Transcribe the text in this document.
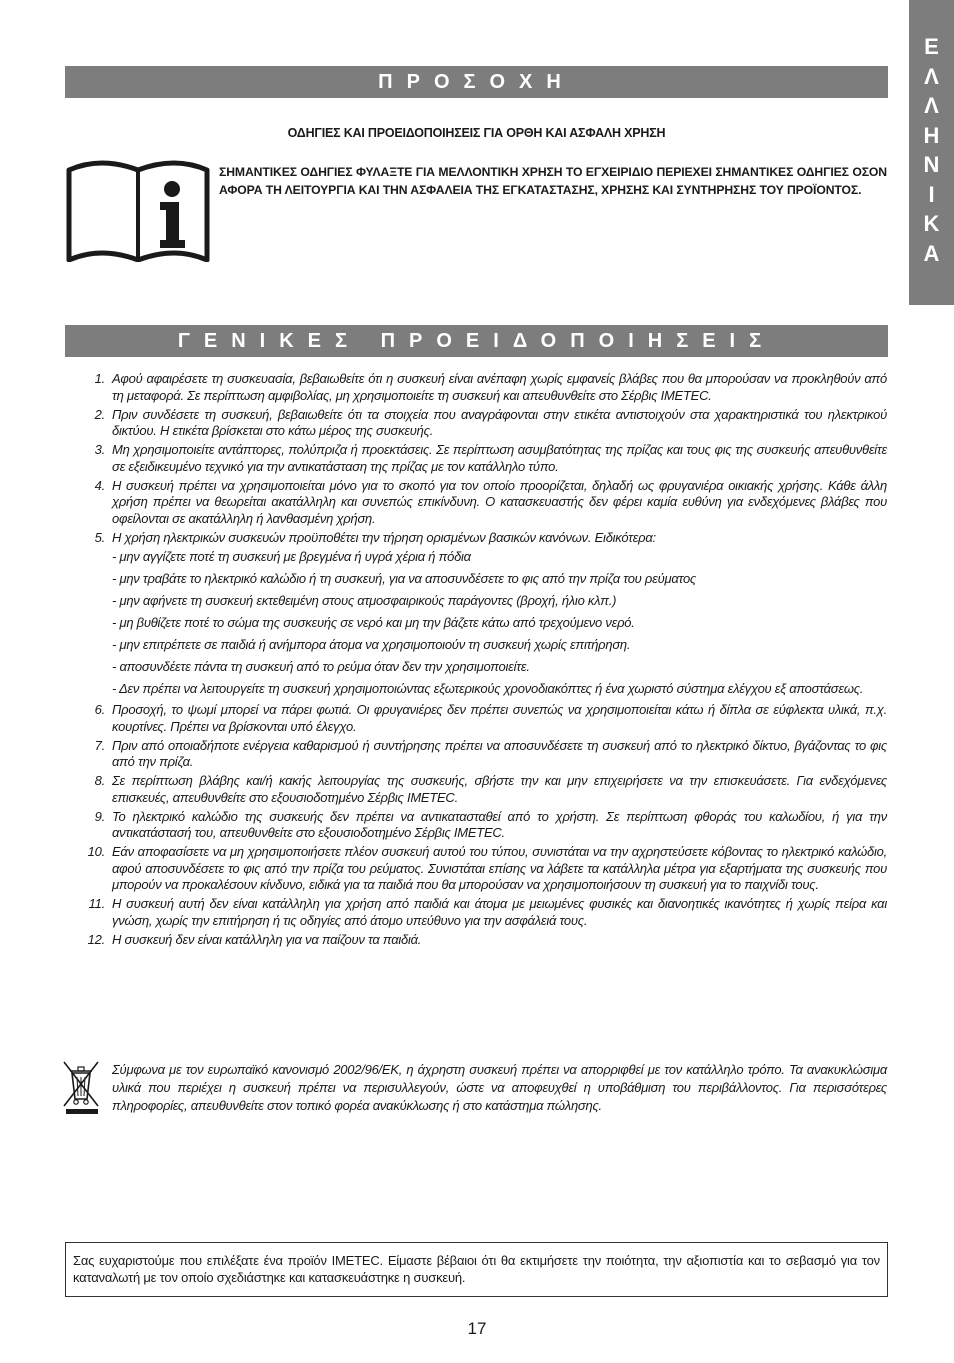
Ε
Λ
Λ
Η
Ν
Ι
Κ
Α
ΠΡΟΣΟΧΗ
ΟΔΗΓΙΕΣ ΚΑΙ ΠΡΟΕΙΔΟΠΟΙΗΣΕΙΣ ΓΙΑ ΟΡΘΗ ΚΑΙ ΑΣΦΑΛΗ ΧΡΗΣΗ
ΣΗΜΑΝΤΙΚΕΣ ΟΔΗΓΙΕΣ ΦΥΛΑΞΤΕ ΓΙΑ ΜΕΛΛΟΝΤΙΚΗ ΧΡΗΣΗ ΤΟ ΕΓΧΕΙΡΙΔΙΟ ΠΕΡΙΕΧΕΙ ΣΗΜΑΝΤΙΚΕΣ ΟΔΗΓΙΕΣ ΟΣΟΝ ΑΦΟΡΑ ΤΗ ΛΕΙΤΟΥΡΓΙΑ ΚΑΙ ΤΗΝ ΑΣΦΑΛΕΙΑ ΤΗΣ ΕΓΚΑΤΑΣΤΑΣΗΣ, ΧΡΗΣΗΣ ΚΑΙ ΣΥΝΤΗΡΗΣΗΣ ΤΟΥ ΠΡΟΪΟΝΤΟΣ.
ΓΕΝΙΚΕΣ ΠΡΟΕΙΔΟΠΟΙΗΣΕΙΣ
1. Αφού αφαιρέσετε τη συσκευασία, βεβαιωθείτε ότι η συσκευή είναι ανέπαφη χωρίς εμφανείς βλάβες που θα μπορούσαν να προκληθούν από τη μεταφορά. Σε περίπτωση αμφιβολίας, μη χρησιμοποιείτε τη συσκευή και απευθυνθείτε στο Σέρβις IMETEC.
2. Πριν συνδέσετε τη συσκευή, βεβαιωθείτε ότι τα στοιχεία που αναγράφονται στην ετικέτα αντιστοιχούν στα χαρακτηριστικά του ηλεκτρικού δικτύου. Η ετικέτα βρίσκεται στο κάτω μέρος της συσκευής.
3. Μη χρησιμοποιείτε αντάπτορες, πολύπριζα ή προεκτάσεις. Σε περίπτωση ασυμβατότητας της πρίζας και τους φις της συσκευής απευθυνθείτε σε εξειδικευμένο τεχνικό για την αντικατάσταση της πρίζας με τον κατάλληλο τύπο.
4. Η συσκευή πρέπει να χρησιμοποιείται μόνο για το σκοπό για τον οποίο προορίζεται, δηλαδή ως φρυγανιέρα οικιακής χρήσης. Κάθε άλλη χρήση πρέπει να θεωρείται ακατάλληλη και συνεπώς επικίνδυνη. Ο κατασκευαστής δεν φέρει καμία ευθύνη για ενδεχόμενες βλάβες που οφείλονται σε ακατάλληλη ή λανθασμένη χρήση.
5. Η χρήση ηλεκτρικών συσκευών προϋποθέτει την τήρηση ορισμένων βασικών κανόνων. Ειδικότερα:
- μην αγγίζετε ποτέ τη συσκευή με βρεγμένα ή υγρά χέρια ή πόδια
- μην τραβάτε το ηλεκτρικό καλώδιο ή τη συσκευή, για να αποσυνδέσετε το φις από την πρίζα του ρεύματος
- μην αφήνετε τη συσκευή εκτεθειμένη στους ατμοσφαιρικούς παράγοντες (βροχή, ήλιο κλπ.)
- μη βυθίζετε ποτέ το σώμα της συσκευής σε νερό και μη την βάζετε κάτω από τρεχούμενο νερό.
- μην επιτρέπετε σε παιδιά ή ανήμπορα άτομα να χρησιμοποιούν τη συσκευή χωρίς επιτήρηση.
- αποσυνδέετε πάντα τη συσκευή από το ρεύμα όταν δεν την χρησιμοποιείτε.
- Δεν πρέπει να λειτουργείτε τη συσκευή χρησιμοποιώντας εξωτερικούς χρονοδιακόπτες ή ένα χωριστό σύστημα ελέγχου εξ αποστάσεως.
6. Προσοχή, το ψωμί μπορεί να πάρει φωτιά. Οι φρυγανιέρες δεν πρέπει συνεπώς να χρησιμοποιείται κάτω ή δίπλα σε εύφλεκτα υλικά, π.χ. κουρτίνες. Πρέπει να βρίσκονται υπό έλεγχο.
7. Πριν από οποιαδήποτε ενέργεια καθαρισμού ή συντήρησης πρέπει να αποσυνδέσετε τη συσκευή από το ηλεκτρικό δίκτυο, βγάζοντας το φις από την πρίζα.
8. Σε περίπτωση βλάβης και/ή κακής λειτουργίας της συσκευής, σβήστε την και μην επιχειρήσετε να την επισκευάσετε. Για ενδεχόμενες επισκευές, απευθυνθείτε στο εξουσιοδοτημένο Σέρβις IMETEC.
9. Το ηλεκτρικό καλώδιο της συσκευής δεν πρέπει να αντικατασταθεί από το χρήστη. Σε περίπτωση φθοράς του καλωδίου, ή για την αντικατάστασή του, απευθυνθείτε στο εξουσιοδοτημένο Σέρβις IMETEC.
10. Εάν αποφασίσετε να μη χρησιμοποιήσετε πλέον συσκευή αυτού του τύπου, συνιστάται να την αχρηστεύσετε κόβοντας το ηλεκτρικό καλώδιο, αφού αποσυνδέσετε το φις από την πρίζα του ρεύματος. Συνιστάται επίσης να λάβετε τα κατάλληλα μέτρα για εξαρτήματα της συσκευής που μπορούν να προκαλέσουν κίνδυνο, ειδικά για τα παιδιά που θα μπορούσαν να χρησιμοποιήσουν τη συσκευή για το παιχνίδι τους.
11. Η συσκευή αυτή δεν είναι κατάλληλη για χρήση από παιδιά και άτομα με μειωμένες φυσικές και διανοητικές ικανότητες ή χωρίς πείρα και γνώση, χωρίς την επιτήρηση ή τις οδηγίες από άτομο υπεύθυνο για την ασφάλειά τους.
12. Η συσκευή δεν είναι κατάλληλη για να παίζουν τα παιδιά.
Σύμφωνα με τον ευρωπαϊκό κανονισμό 2002/96/ΕΚ, η άχρηστη συσκευή πρέπει να απορριφθεί με τον κατάλληλο τρόπο. Τα ανακυκλώσιμα υλικά που περιέχει η συσκευή πρέπει να περισυλλεγούν, ώστε να αποφευχθεί η υποβάθμιση του περιβάλλοντος. Για περισσότερες πληροφορίες, απευθυνθείτε στον τοπικό φορέα ανακύκλωσης ή στο κατάστημα πώλησης.
Σας ευχαριστούμε που επιλέξατε ένα προϊόν IMETEC. Είμαστε βέβαιοι ότι θα εκτιμήσετε την ποιότητα, την αξιοπιστία και το σεβασμό για τον καταναλωτή με τον οποίο σχεδιάστηκε και κατασκευάστηκε η συσκευή.
17
